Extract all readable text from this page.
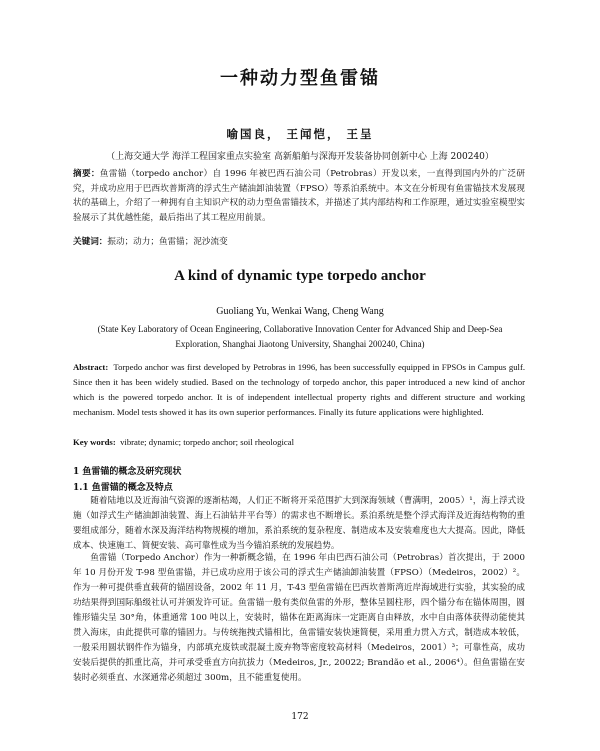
一种动力型鱼雷锚
喻国良， 王闻恺， 王呈
（上海交通大学 海洋工程国家重点实验室 高新船舶与深海开发装备协同创新中心 上海 200240）
摘要：鱼雷锚（torpedo anchor）自 1996 年被巴西石油公司（Petrobras）开发以来，一直得到国内外的广泛研究，并成功应用于巴西坎普斯湾的浮式生产储油卸油装置（FPSO）等系泊系统中。本文在分析现有鱼雷锚技术发展现状的基础上，介绍了一种拥有自主知识产权的动力型鱼雷锚技术，并描述了其内部结构和工作原理，通过实验室模型实验展示了其优越性能，最后指出了其工程应用前景。
关键词：振动；动力；鱼雷锚；泥沙流变
A kind of dynamic type torpedo anchor
Guoliang Yu, Wenkai Wang, Cheng Wang
(State Key Laboratory of Ocean Engineering, Collaborative Innovation Center for Advanced Ship and Deep-Sea Exploration, Shanghai Jiaotong University, Shanghai 200240, China)
Abstract: Torpedo anchor was first developed by Petrobras in 1996, has been successfully equipped in FPSOs in Campus gulf. Since then it has been widely studied. Based on the technology of torpedo anchor, this paper introduced a new kind of anchor which is the powered torpedo anchor. It is of independent intellectual property rights and different structure and working mechanism. Model tests showed it has its own superior performances. Finally its future applications were highlighted.
Key words: vibrate; dynamic; torpedo anchor; soil rheological
1 鱼雷锚的概念及研究现状
1.1 鱼雷锚的概念及特点
随着陆地以及近海油气资源的逐渐枯竭，人们正不断将开采范围扩大到深海领域（曹满明，2005）¹，海上浮式设施（如浮式生产储油卸油装置、海上石油钻井平台等）的需求也不断增长。系泊系统是整个浮式海洋及近海结构物的重要组成部分，随着水深及海洋结构物规模的增加，系泊系统的复杂程度、制造成本及安装难度也大大提高。因此，降低成本、快速施工、简便安装、高可靠性成为当今锚泊系统的发展趋势。
鱼雷锚（Torpedo Anchor）作为一种新概念锚，在 1996 年由巴西石油公司（Petrobras）首次提出，于 2000 年 10 月份开发 T-98 型鱼雷锚，并已成功应用于该公司的浮式生产储油卸油装置（FPSO）（Medeiros，2002）²。作为一种可提供垂直载荷的锚固设备，2002 年 11 月，T-43 型鱼雷锚在巴西坎普斯湾近岸海域进行实验，其实验的成功结果得到国际船级社认可并颁发许可证。鱼雷锚一般有类似鱼雷的外形，整体呈圆柱形，四个锚分布在锚体周围，圆锥形锚尖呈 30°角，体重通常 100 吨以上，安装时，锚体在距离海床一定距离自由释放，水中自由落体获得动能使其贯入海床，由此提供可靠的锚固力。与传统拖拽式锚相比，鱼雷锚安装快速简便，采用重力贯入方式，制造成本较低，一般采用圆状钢件作为锚身，内部填充废铁或混凝土废弃物等密度较高材料（Medeiros，2001）³；可靠性高，成功安装后提供的抓重比高，并可承受垂直方向抗拔力（Medeiros, Jr., 20022; Brandão et al., 2006⁴）。但鱼雷锚在安装时必须垂直、水深通常必须超过 300m，且不能重复使用。
172
